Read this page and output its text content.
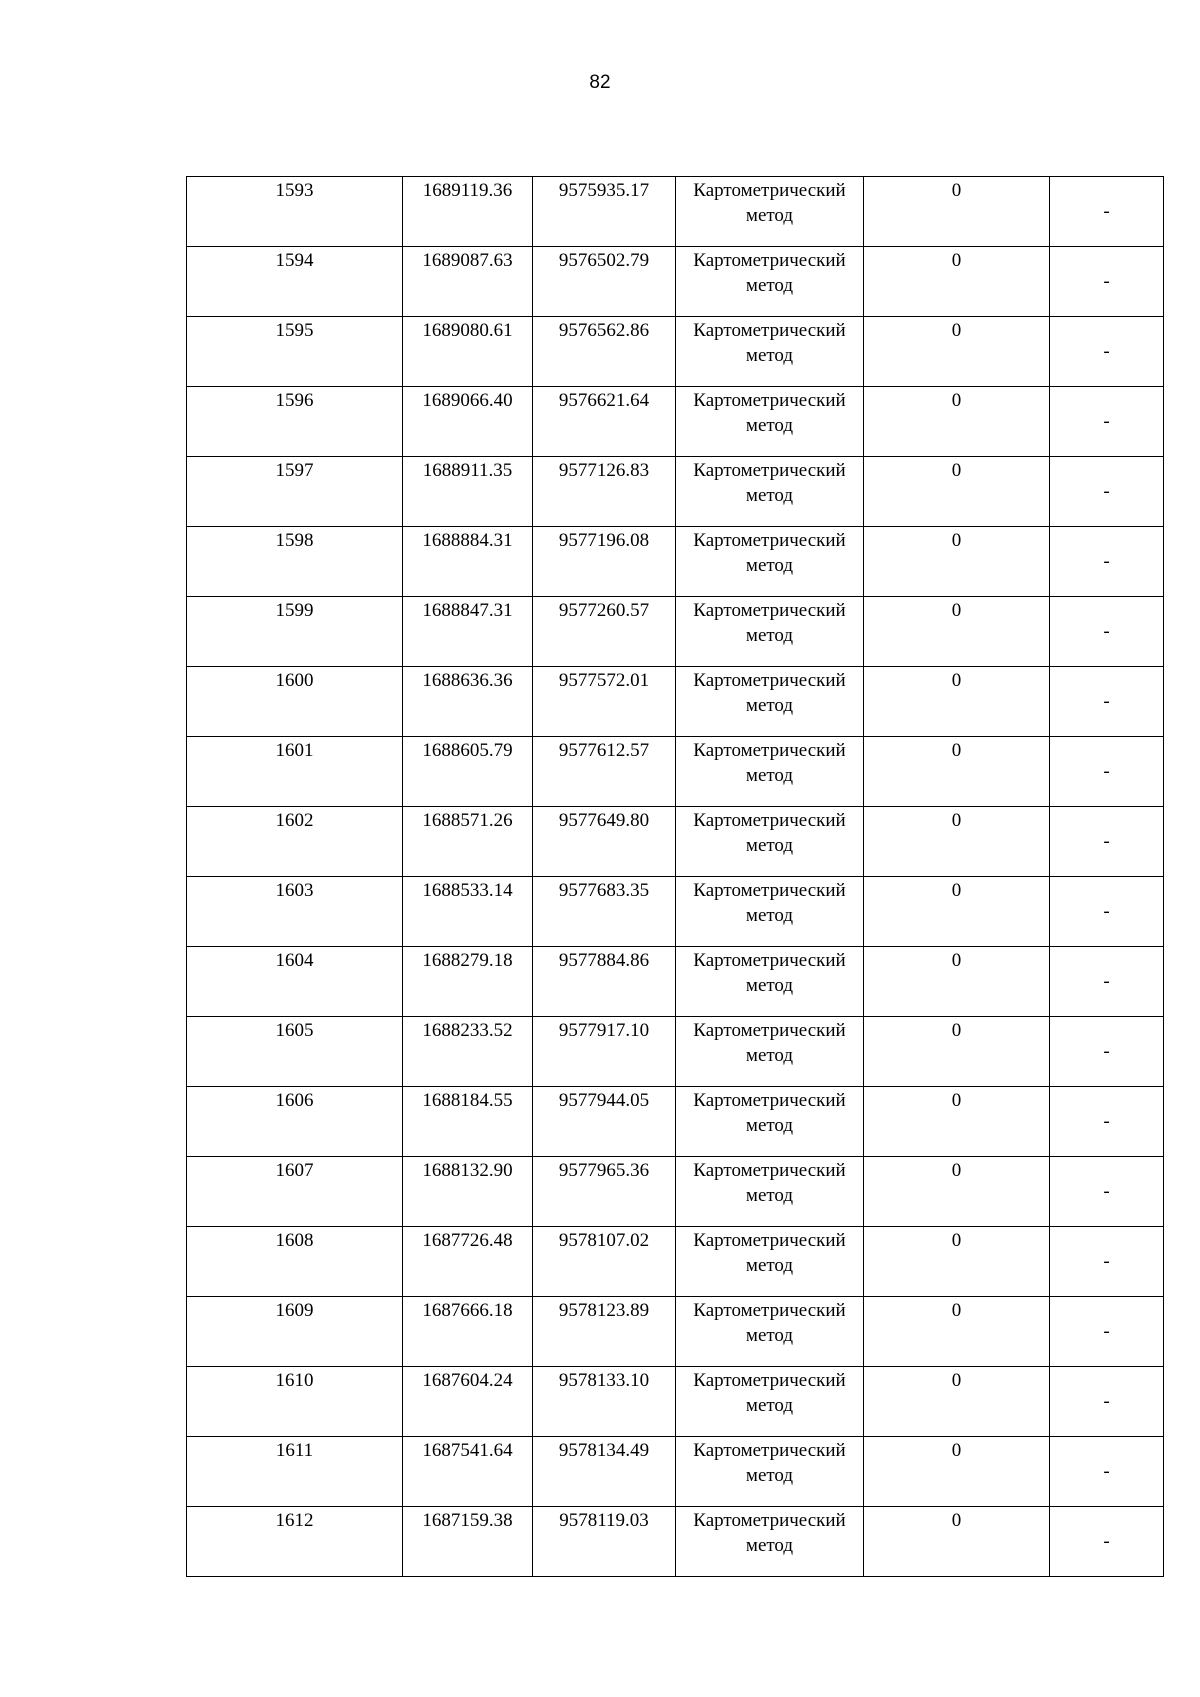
82
1593	1689119.36	9575935.17	Картометрический
метод	0	-
1594	1689087.63	9576502.79	Картометрический
метод	0	-
1595	1689080.61	9576562.86	Картометрический
метод	0	-
1596	1689066.40	9576621.64	Картометрический
метод	0	-
1597	1688911.35	9577126.83	Картометрический
метод	0	-
1598	1688884.31	9577196.08	Картометрический
метод	0	-
1599	1688847.31	9577260.57	Картометрический
метод	0	-
1600	1688636.36	9577572.01	Картометрический
метод	0	-
1601	1688605.79	9577612.57	Картометрический
метод	0	-
1602	1688571.26	9577649.80	Картометрический
метод	0	-
1603	1688533.14	9577683.35	Картометрический
метод	0	-
1604	1688279.18	9577884.86	Картометрический
метод	0	-
1605	1688233.52	9577917.10	Картометрический
метод	0	-
1606	1688184.55	9577944.05	Картометрический
метод	0	-
1607	1688132.90	9577965.36	Картометрический
метод	0	-
1608	1687726.48	9578107.02	Картометрический
метод	0	-
1609	1687666.18	9578123.89	Картометрический
метод	0	-
1610	1687604.24	9578133.10	Картометрический
метод	0	-
1611	1687541.64	9578134.49	Картометрический
метод	0	-
1612	1687159.38	9578119.03	Картометрический
метод	0	-
